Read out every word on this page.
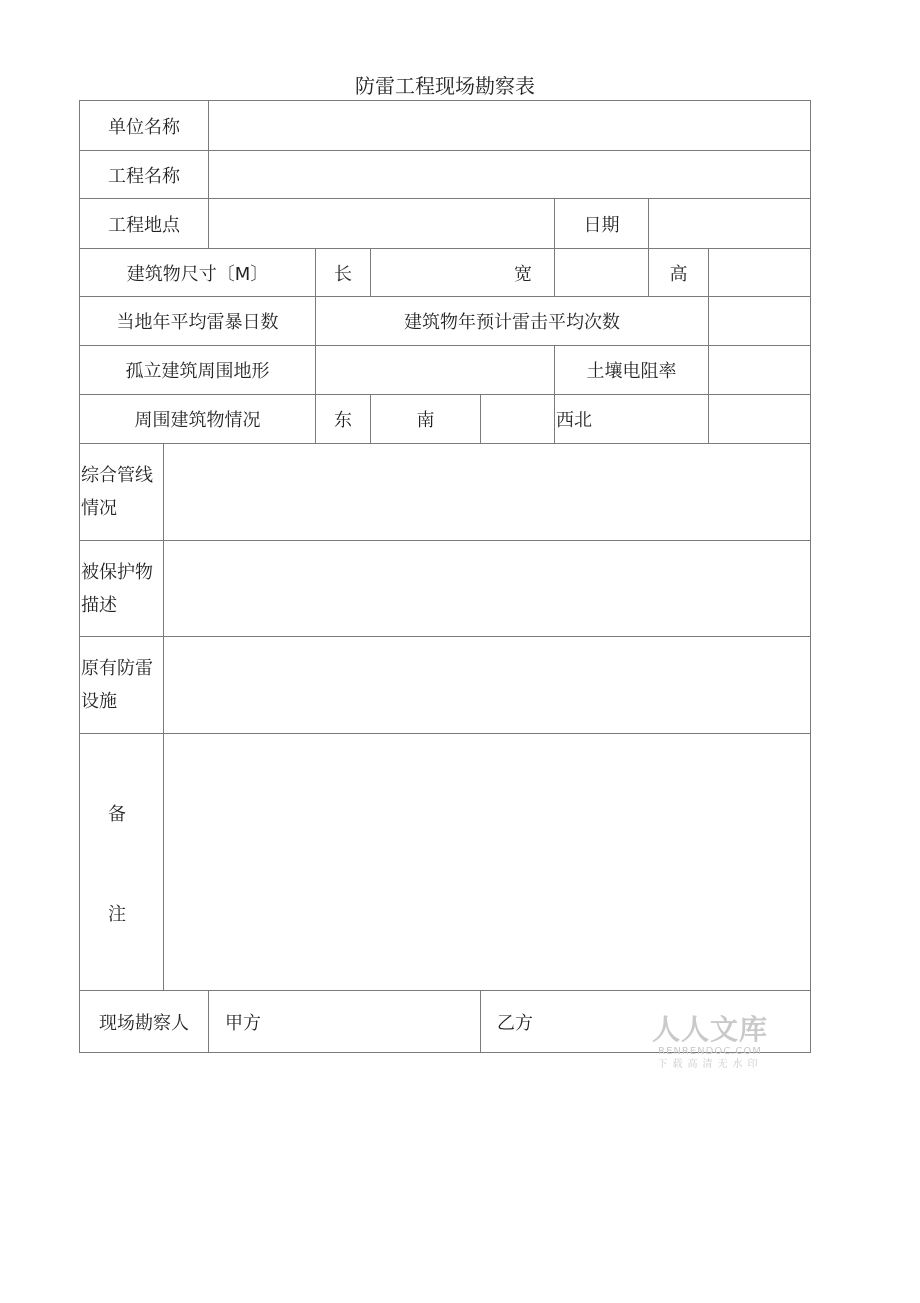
防雷工程现场勘察表
单位名称								
工程名称								
工程地点						日期		
建筑物尺寸〔M〕			长	宽			高	
当地年平均雷暴日数			建筑物年预计雷击平均次数					
孤立建筑周围地形						土壤电阻率		
周围建筑物情况			东	南		西北		
综合管线情况								
被保护物描述								
原有防雷设施								

备
注								

现场勘察人		甲方			乙方				人人文库
RENRENDOC.COM
下载高清无水印
